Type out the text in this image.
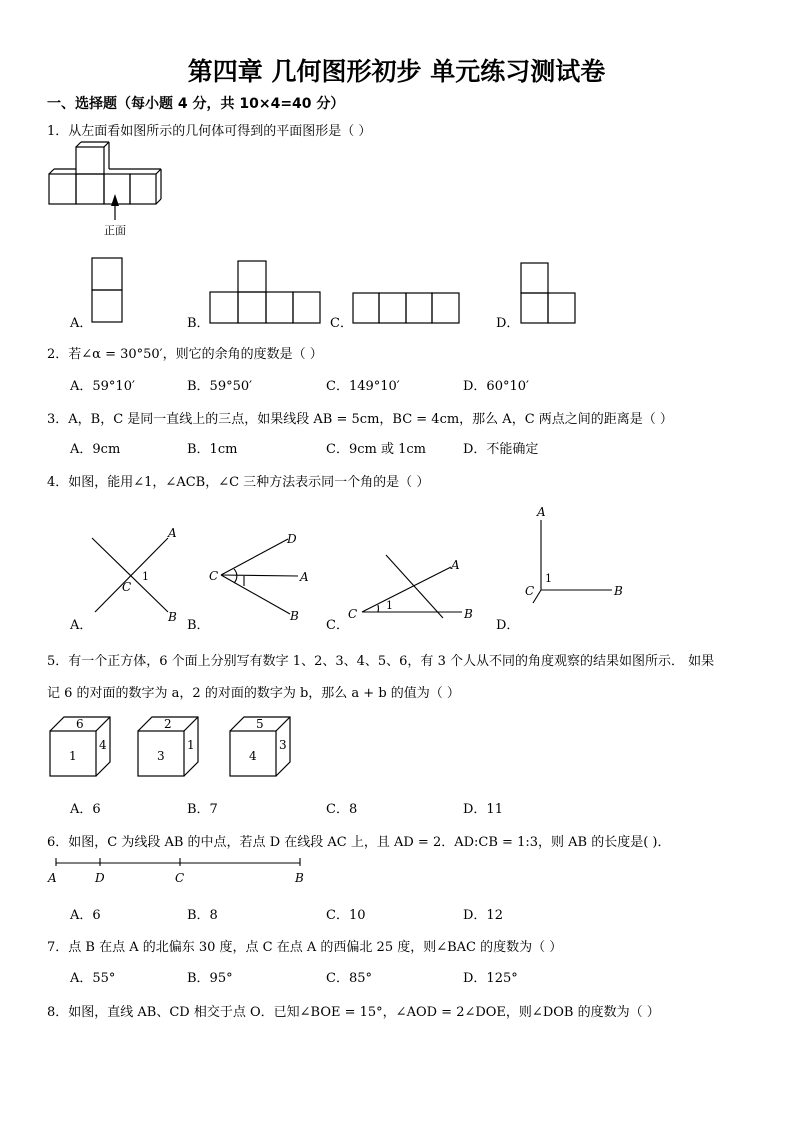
第四章 几何图形初步 单元练习测试卷
一、选择题（每小题 4 分，共 10×4=40 分）
1．从左面看如图所示的几何体可得到的平面图形是（ ）
正面
A．	B．	C．	D．
2．若∠α = 30°50′，则它的余角的度数是（ ）
A．59°10′	B．59°50′	C．149°10′	D．60°10′
3．A，B，C 是同一直线上的三点，如果线段 AB = 5cm，BC = 4cm，那么 A，C 两点之间的距离是（ ）
A．9cm	B．1cm	C．9cm 或 1cm	D．不能确定
4．如图，能用∠1，∠ACB，∠C 三种方法表示同一个角的是（ ）
A
C
B
D
C	A
B
A
C	B
A
C	B
1
1
1
A．	B．	C．	D．
5．有一个正方体，6 个面上分别写有数字 1、2、3、4、5、6，有 3 个人从不同的角度观察的结果如图所示． 如果
记 6 的对面的数字为 a，2 的对面的数字为 b，那么 a + b 的值为（ ）
6
1
4
2
3
1
5
4
3
A．6	B．7	C．8	D．11
6．如图，C 为线段 AB 的中点，若点 D 在线段 AC 上，且 AD = 2．AD:CB = 1:3，则 AB 的长度是( )．
A	D	C	B
A．6	B．8	C．10	D．12
7．点 B 在点 A 的北偏东 30 度，点 C 在点 A 的西偏北 25 度，则∠BAC 的度数为（ ）
A．55°	B．95°	C．85°	D．125°
8．如图，直线 AB、CD 相交于点 O．已知∠BOE = 15°，∠AOD = 2∠DOE，则∠DOB 的度数为（ ）
